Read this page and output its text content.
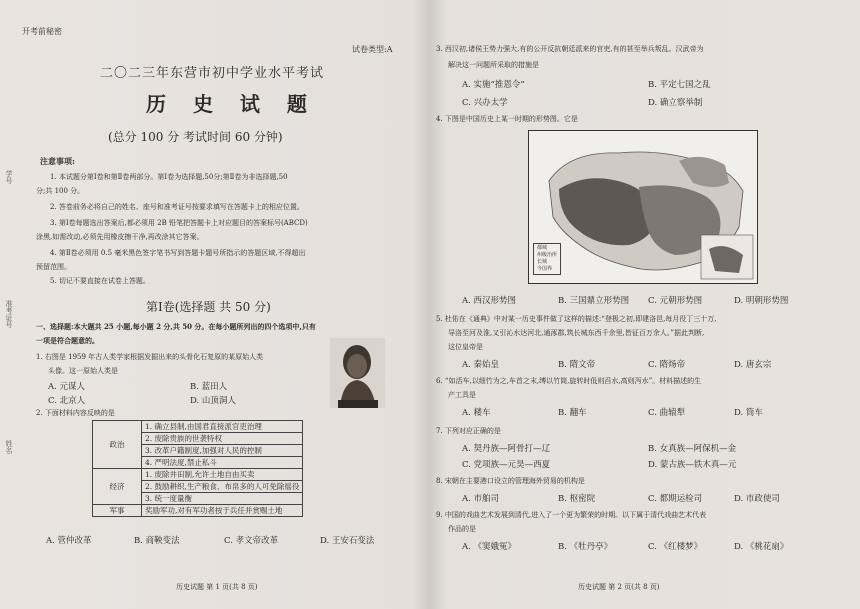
开考前秘密
试卷类型:A
二〇二三年东营市初中学业水平考试
历 史 试 题
(总分 100 分 考试时间 60 分钟)
注意事项:
1. 本试题分第Ⅰ卷和第Ⅱ卷两部分。第Ⅰ卷为选择题,50分;第Ⅱ卷为非选择题,50
分;共 100 分。
2. 答卷前务必将自己的姓名、座号和准考证号按要求填写在答题卡上的相应位置。
3. 第Ⅰ卷每题选出答案后,都必须用 2B 铅笔把答题卡上对应题目的答案标号(ABCD)
涂黑,如需改动,必须先用橡皮擦干净,再改涂其它答案。
4. 第Ⅱ卷必须用 0.5 毫米黑色签字笔书写到答题卡题号所指示的答题区域,不得超出
预留范围。
5. 切记不要直接在试卷上答题。
第Ⅰ卷(选择题 共 50 分)
一、选择题:本大题共 25 小题,每小题 2 分,共 50 分。在每小题所列出的四个选项中,只有
一项是符合题意的。
1. 右图是 1959 年古人类学家根据发掘出来的头骨化石复原的某原始人类
头像。这一原始人类是
A. 元谋人	B. 蓝田人
C. 北京人	D. 山顶洞人
2. 下面材料内容反映的是
政治	1. 确立县制,由国君直接派官吏治理
	2. 废除贵族的世袭特权
	3. 改革户籍制度,加强对人民的控制
	4. 严明法度,禁止私斗
经济	1. 废除井田制,允许土地自由买卖
	2. 鼓励耕织,生产粮食、布帛多的人可免除徭役
	3. 统一度量衡
军事	奖励军功,对有军功者按于兵任并赏赐土地
A. 管仲改革	B. 商鞅变法	C. 孝文帝改革	D. 王安石变法
历史试题 第 1 页(共 8 页)
学号
准考证号
姓名
3. 西汉初,诸侯王势力强大,有的公开反抗朝廷派来的官吏,有的甚至举兵叛乱。汉武帝为
解决这一问题所采取的措施是
A. 实施“推恩令”	B. 平定七国之乱
C. 兴办太学	D. 确立察举制
4. 下图是中国历史上某一时期的形势图。它是
都城
州级治所
长城
今国界
A. 西汉形势图	B. 三国鼎立形势图 C. 元朝形势图	D. 明朝形势图
5. 杜佑在《通典》中对某一历史事件做了这样的描述:“登极之初,即建洛邑,每月役丁三十万,
导洛至河及淮,又引沁水达河北,通涿郡,筑长城东西千余里,皆征百万余人。”据此判断,
这位皇帝是
A. 秦始皇	B. 隋文帝	C. 隋炀帝	D. 唐玄宗
6. “如活车,以细竹为之,车首之末,缚以竹筒,旋转时低则舀水,高则泻水”。材料描述的生
产工具是
A. 耧车	B. 翻车	C. 曲辕犁	D. 筒车
7. 下列对应正确的是
A. 契丹族—阿骨打—辽	B. 女真族—阿保机—金
C. 党项族—元昊—西夏	D. 蒙古族—铁木真—元
8. 宋朝在主要港口设立的管理海外贸易的机构是
A. 市舶司	B. 枢密院	C. 都期运检司	D. 市政使司
9. 中国的戏曲艺术发展到清代,进入了一个更为繁荣的时期。以下属于清代戏曲艺术代表
作品的是
A. 《窦娥冤》	B. 《牡丹亭》	C. 《红楼梦》	D. 《桃花扇》
历史试题 第 2 页(共 8 页)
